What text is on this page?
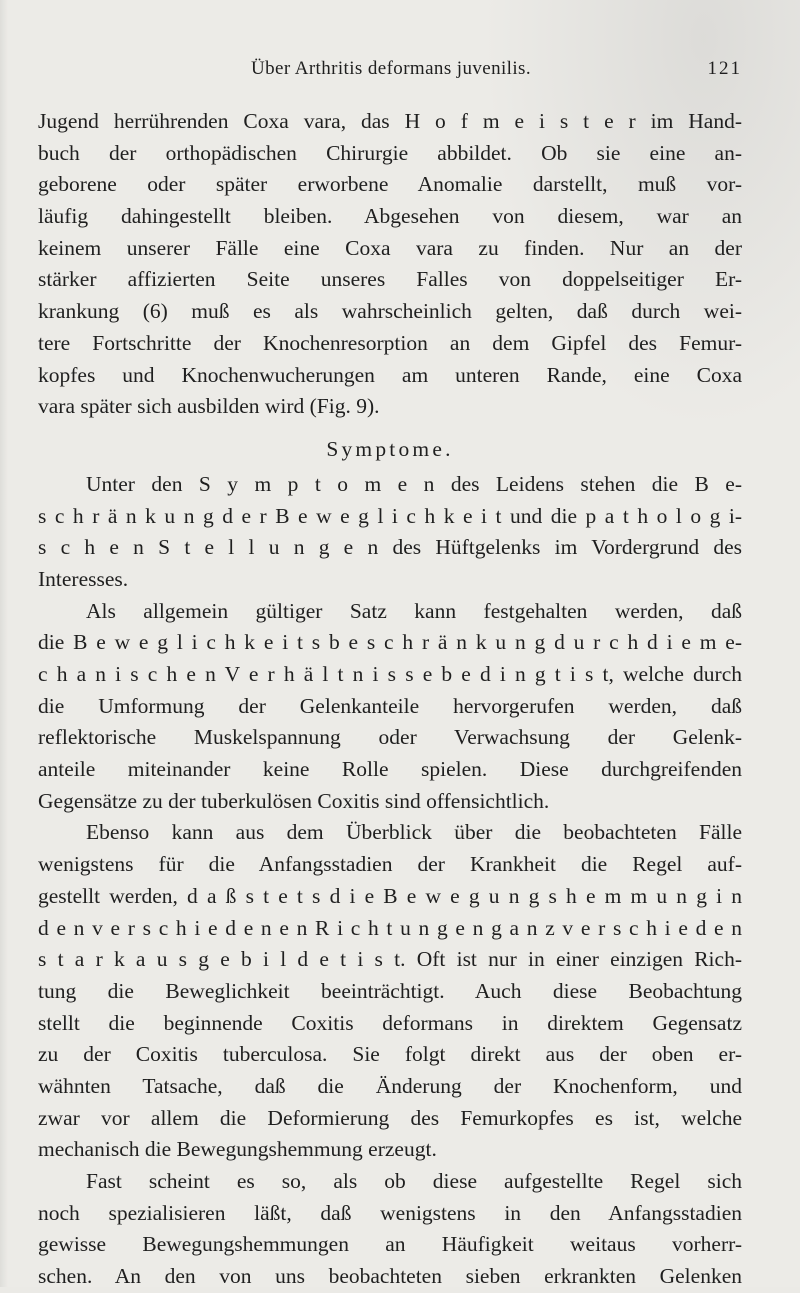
Über Arthritis deformans juvenilis.	121
Jugend herrührenden Coxa vara, das H o f m e i s t e r im Hand-
buch der orthopädischen Chirurgie abbildet. Ob sie eine an-
geborene oder später erworbene Anomalie darstellt, muß vor-
läufig dahingestellt bleiben. Abgesehen von diesem, war an
keinem unserer Fälle eine Coxa vara zu finden. Nur an der
stärker affizierten Seite unseres Falles von doppelseitiger Er-
krankung (6) muß es als wahrscheinlich gelten, daß durch wei-
tere Fortschritte der Knochenresorption an dem Gipfel des Femur-
kopfes und Knochenwucherungen am unteren Rande, eine Coxa
vara später sich ausbilden wird (Fig. 9).
Symptome.
Unter den S y m p t o m e n des Leidens stehen die B e-
s c h r ä n k u n g d e r B e w e g l i c h k e i t und die p a t h o l o g i-
s c h e n S t e l l u n g e n des Hüftgelenks im Vordergrund des
Interesses.
Als allgemein gültiger Satz kann festgehalten werden, daß
die B e w e g l i c h k e i t s b e s c h r ä n k u n g d u r c h d i e m e-
c h a n i s c h e n V e r h ä l t n i s s e b e d i n g t i s t, welche durch
die Umformung der Gelenkanteile hervorgerufen werden, daß
reflektorische Muskelspannung oder Verwachsung der Gelenk-
anteile miteinander keine Rolle spielen. Diese durchgreifenden
Gegensätze zu der tuberkulösen Coxitis sind offensichtlich.
Ebenso kann aus dem Überblick über die beobachteten Fälle
wenigstens für die Anfangsstadien der Krankheit die Regel auf-
gestellt werden, d a ß s t e t s d i e B e w e g u n g s h e m m u n g i n
d e n v e r s c h i e d e n e n R i c h t u n g e n g a n z v e r s c h i e d e n
s t a r k a u s g e b i l d e t i s t. Oft ist nur in einer einzigen Rich-
tung die Beweglichkeit beeinträchtigt. Auch diese Beobachtung
stellt die beginnende Coxitis deformans in direktem Gegensatz
zu der Coxitis tuberculosa. Sie folgt direkt aus der oben er-
wähnten Tatsache, daß die Änderung der Knochenform, und
zwar vor allem die Deformierung des Femurkopfes es ist, welche
mechanisch die Bewegungshemmung erzeugt.
Fast scheint es so, als ob diese aufgestellte Regel sich
noch spezialisieren läßt, daß wenigstens in den Anfangsstadien
gewisse Bewegungshemmungen an Häufigkeit weitaus vorherr-
schen. An den von uns beobachteten sieben erkrankten Gelenken
